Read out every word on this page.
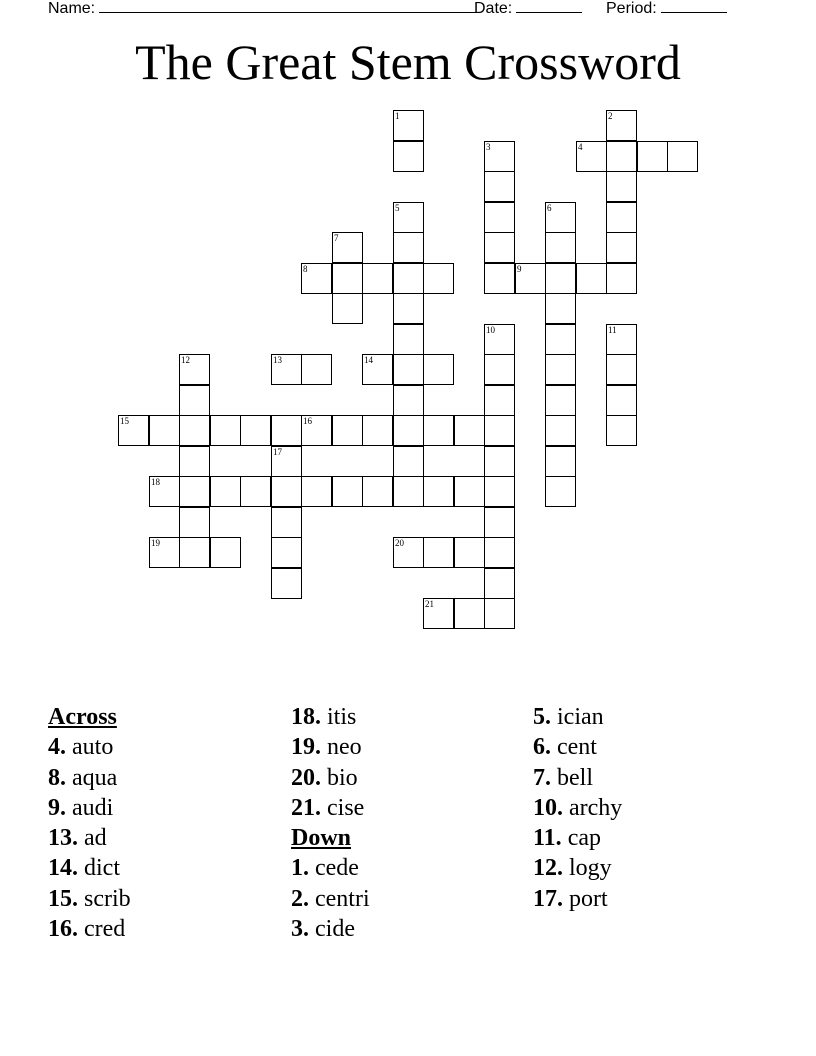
Name:	Date:	Period:
The Great Stem Crossword
1	2
3	4
5	6
7
8	9
10	11
12	13	14
15	16
17
18
19	20
21
Across
4. auto
8. aqua
9. audi
13. ad
14. dict
15. scrib
16. cred
18. itis
19. neo
20. bio
21. cise
Down
1. cede
2. centri
3. cide
5. ician
6. cent
7. bell
10. archy
11. cap
12. logy
17. port
